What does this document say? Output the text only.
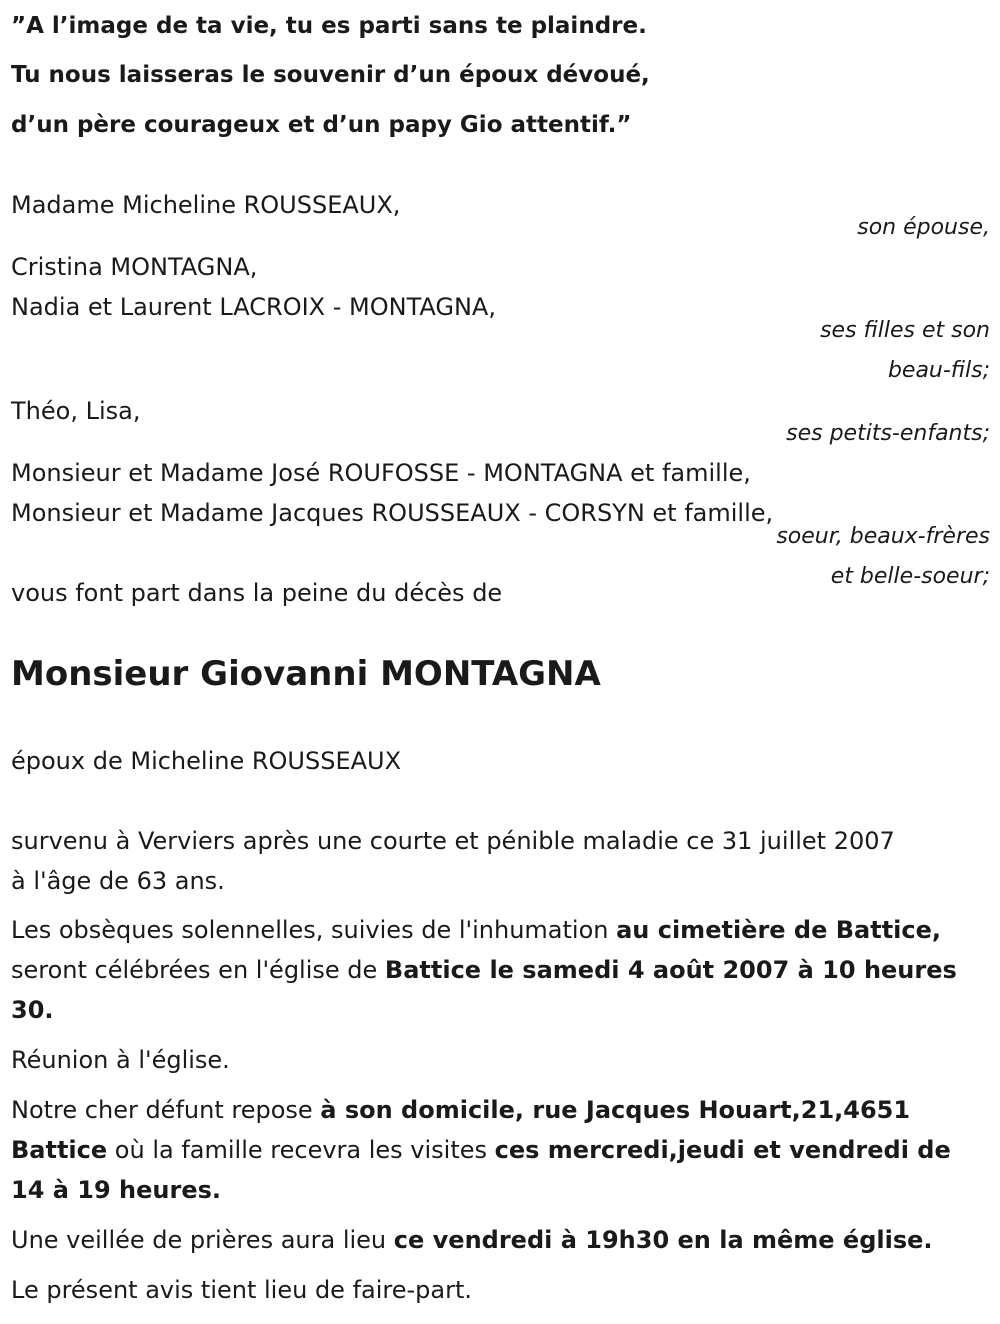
”A l’image de ta vie, tu es parti sans te plaindre.
Tu nous laisseras le souvenir d’un époux dévoué,
d’un père courageux et d’un papy Gio attentif.”
Madame Micheline ROUSSEAUX,
son épouse,
Cristina MONTAGNA,
Nadia et Laurent LACROIX - MONTAGNA,
ses filles et son
beau-fils;
Théo, Lisa,
ses petits-enfants;
Monsieur et Madame José ROUFOSSE - MONTAGNA et famille,
Monsieur et Madame Jacques ROUSSEAUX - CORSYN et famille,
soeur, beaux-frères
et belle-soeur;
vous font part dans la peine du décès de
Monsieur Giovanni MONTAGNA
époux de Micheline ROUSSEAUX
survenu à Verviers après une courte et pénible maladie ce 31 juillet 2007
à l'âge de 63 ans.
Les obsèques solennelles, suivies de l'inhumation au cimetière de Battice, seront célébrées en l'église de Battice le samedi 4 août 2007 à 10 heures 30.
Réunion à l'église.
Notre cher défunt repose à son domicile, rue Jacques Houart,21,4651 Battice où la famille recevra les visites ces mercredi,jeudi et vendredi de 14 à 19 heures.
Une veillée de prières aura lieu ce vendredi à 19h30 en la même église.
Le présent avis tient lieu de faire-part.
